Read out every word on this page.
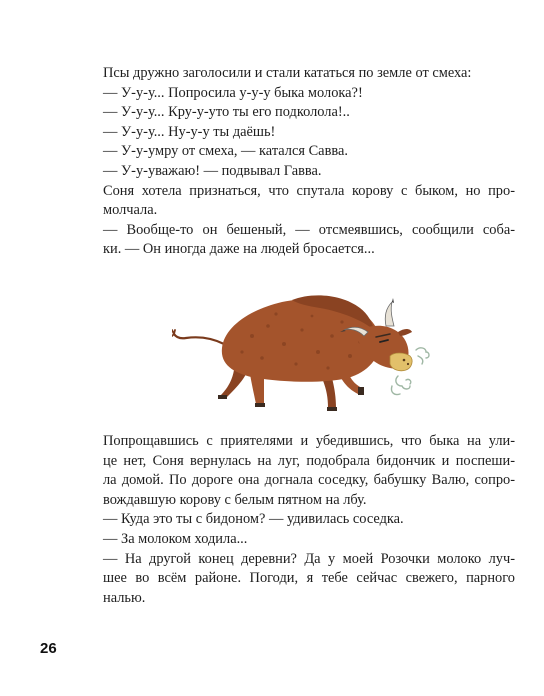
Псы дружно заголосили и стали кататься по земле от смеха:
— У-у-у... Попросила у-у-у быка молока?!
— У-у-у... Кру-у-уто ты его подколола!..
— У-у-у... Ну-у-у ты даёшь!
— У-у-умру от смеха, — катался Савва.
— У-у-уважаю! — подвывал Гавва.
Соня хотела признаться, что спутала корову с быком, но про-
молчала.
— Вообще-то он бешеный, — отсмеявшись, сообщили соба-
ки. — Он иногда даже на людей бросается...
Попрощавшись с приятелями и убедившись, что быка на ули-
це нет, Соня вернулась на луг, подобрала бидончик и поспеши-
ла домой. По дороге она догнала соседку, бабушку Валю, сопро-
вождавшую корову с белым пятном на лбу.
— Куда это ты с бидоном? — удивилась соседка.
— За молоком ходила...
— На другой конец деревни? Да у моей Розочки молоко луч-
шее во всём районе. Погоди, я тебе сейчас свежего, парного
налью.
26
